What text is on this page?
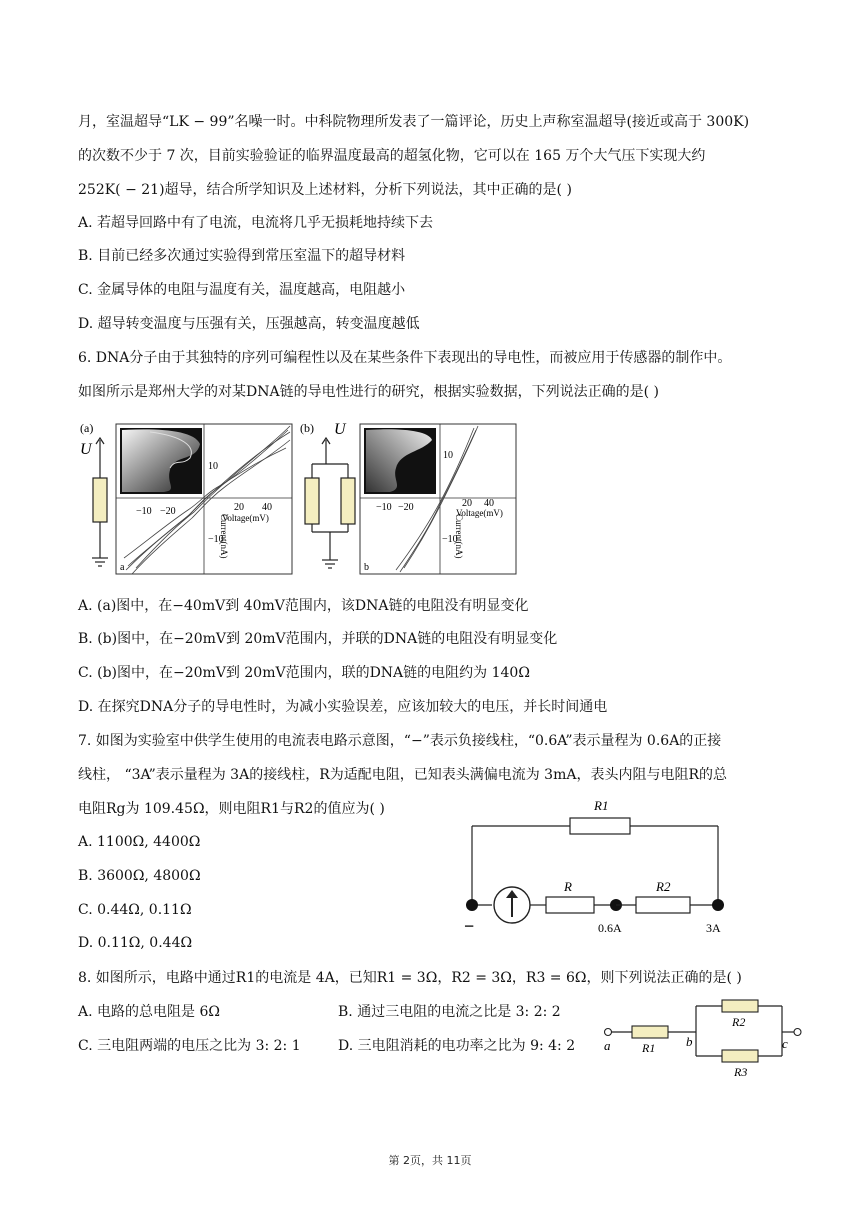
月，室温超导“LK − 99”名噪一时。中科院物理所发表了一篇评论，历史上声称室温超导(接近或高于 300K)
的次数不少于 7 次，目前实验验证的临界温度最高的超氢化物，它可以在 165 万个大气压下实现大约
252K( − 21)超导，结合所学知识及上述材料，分析下列说法，其中正确的是( )
A. 若超导回路中有了电流，电流将几乎无损耗地持续下去
B. 目前已经多次通过实验得到常压室温下的超导材料
C. 金属导体的电阻与温度有关，温度越高，电阻越小
D. 超导转变温度与压强有关，压强越高，转变温度越低
6. DNA分子由于其独特的序列可编程性以及在某些条件下表现出的导电性，而被应用于传感器的制作中。
如图所示是郑州大学的对某DNA链的导电性进行的研究，根据实验数据，下列说法正确的是( )
(a)
U
10
−10 −20	20 40
Voltage(mV)
−10
Current(nA)
a
(b) U
10
−10 −20	20 40
Voltage(mV)
−10
Current(nA)
b
A. (a)图中，在−40mV到 40mV范围内，该DNA链的电阻没有明显变化
B. (b)图中，在−20mV到 20mV范围内，并联的DNA链的电阻没有明显变化
C. (b)图中，在−20mV到 20mV范围内，联的DNA链的电阻约为 140Ω
D. 在探究DNA分子的导电性时，为减小实验误差，应该加较大的电压，并长时间通电
7. 如图为实验室中供学生使用的电流表电路示意图，“−”表示负接线柱，“0.6A”表示量程为 0.6A的正接
线柱， “3A”表示量程为 3A的接线柱，R为适配电阻，已知表头满偏电流为 3mA，表头内阻与电阻R的总
电阻Rg为 109.45Ω，则电阻R1与R2的值应为( )
A. 1100Ω, 4400Ω
B. 3600Ω, 4800Ω
C. 0.44Ω, 0.11Ω
D. 0.11Ω, 0.44Ω
R1
R	R2
−	0.6A	3A
8. 如图所示，电路中通过R1的电流是 4A，已知R1 = 3Ω，R2 = 3Ω，R3 = 6Ω，则下列说法正确的是( )
A. 电路的总电阻是 6Ω	B. 通过三电阻的电流之比是 3: 2: 2
C. 三电阻两端的电压之比为 3: 2: 1	D. 三电阻消耗的电功率之比为 9: 4: 2 a	R1 b
R2
R3
c
第 2页，共 11页
